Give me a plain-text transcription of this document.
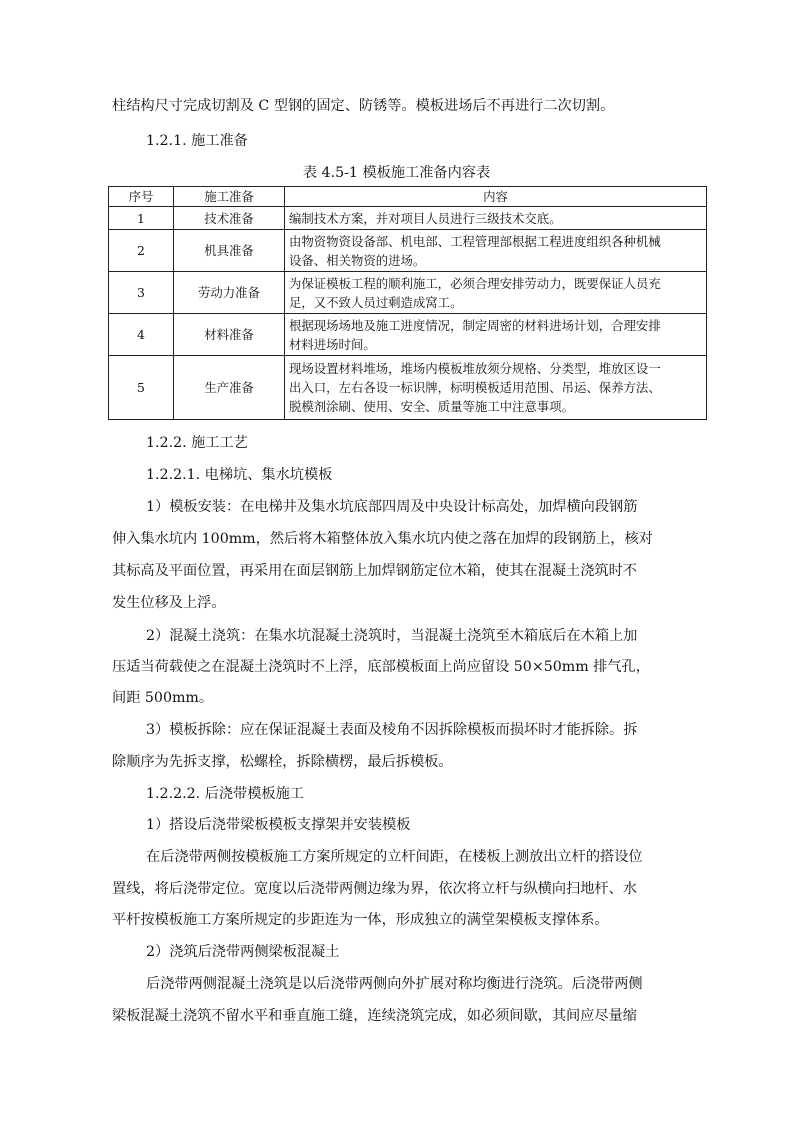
柱结构尺寸完成切割及 C 型钢的固定、防锈等。模板进场后不再进行二次切割。
1.2.1. 施工准备
表 4.5-1 模板施工准备内容表
序号	施工准备	内容
1	技术准备	编制技术方案，并对项目人员进行三级技术交底。

2	机具准备	由物资物资设备部、机电部、工程管理部根据工程进度组织各种机械
设备、相关物资的进场。

3	劳动力准备	为保证模板工程的顺利施工，必须合理安排劳动力，既要保证人员充
足，又不致人员过剩造成窝工。

4	材料准备	根据现场场地及施工进度情况，制定周密的材料进场计划，合理安排
材料进场时间。

5	生产准备	现场设置材料堆场，堆场内模板堆放须分规格、分类型，堆放区设一
出入口，左右各设一标识牌，标明模板适用范围、吊运、保养方法、
脱模剂涂刷、使用、安全、质量等施工中注意事项。
1.2.2. 施工工艺
1.2.2.1. 电梯坑、集水坑模板
1）模板安装：在电梯井及集水坑底部四周及中央设计标高处，加焊横向段钢筋
伸入集水坑内 100mm，然后将木箱整体放入集水坑内使之落在加焊的段钢筋上，核对
其标高及平面位置，再采用在面层钢筋上加焊钢筋定位木箱，使其在混凝土浇筑时不
发生位移及上浮。
2）混凝土浇筑：在集水坑混凝土浇筑时，当混凝土浇筑至木箱底后在木箱上加
压适当荷载使之在混凝土浇筑时不上浮，底部模板面上尚应留设 50×50mm 排气孔，
间距 500mm。
3）模板拆除：应在保证混凝土表面及棱角不因拆除模板而损坏时才能拆除。拆
除顺序为先拆支撑，松螺栓，拆除横楞，最后拆模板。
1.2.2.2. 后浇带模板施工
1）搭设后浇带梁板模板支撑架并安装模板
在后浇带两侧按模板施工方案所规定的立杆间距，在楼板上测放出立杆的搭设位
置线，将后浇带定位。宽度以后浇带两侧边缘为界，依次将立杆与纵横向扫地杆、水
平杆按模板施工方案所规定的步距连为一体，形成独立的满堂架模板支撑体系。
2）浇筑后浇带两侧梁板混凝土
后浇带两侧混凝土浇筑是以后浇带两侧向外扩展对称均衡进行浇筑。后浇带两侧
梁板混凝土浇筑不留水平和垂直施工缝，连续浇筑完成，如必须间歇，其间应尽量缩
